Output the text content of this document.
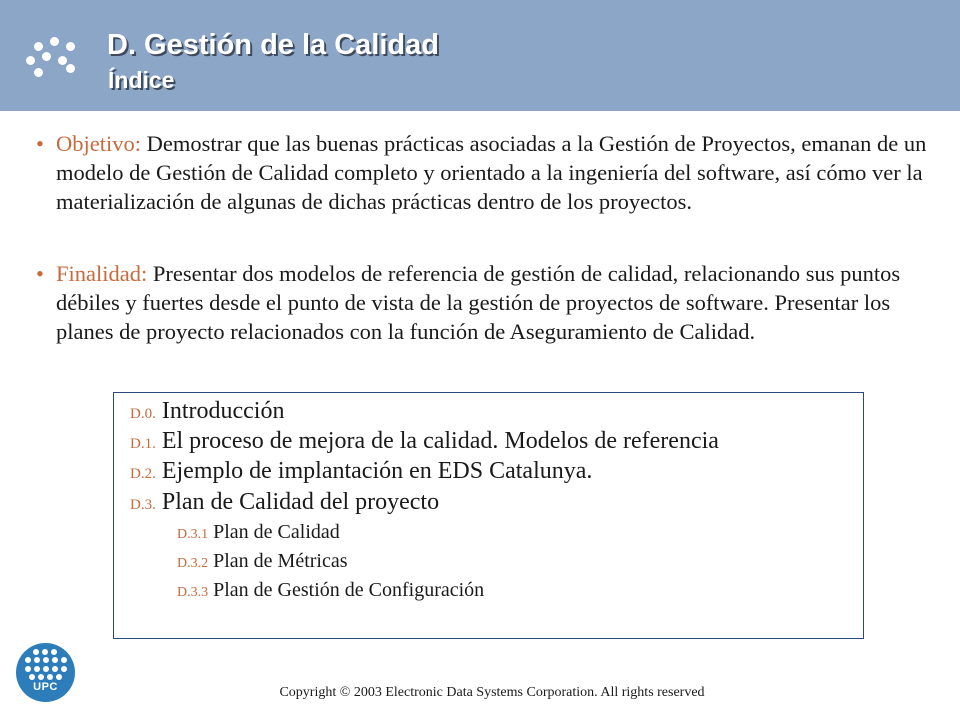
D. Gestión de la Calidad
Índice
• Objetivo: Demostrar que las buenas prácticas asociadas a la Gestión de Proyectos, emanan de un modelo de Gestión de Calidad completo y orientado a la ingeniería del software, así cómo ver la materialización de algunas de dichas prácticas dentro de los proyectos.
• Finalidad: Presentar dos modelos de referencia de gestión de calidad, relacionando sus puntos débiles y fuertes desde el punto de vista de la gestión de proyectos de software. Presentar los planes de proyecto relacionados con la función de Aseguramiento de Calidad.
D.0. Introducción
D.1. El proceso de mejora de la calidad. Modelos de referencia
D.2. Ejemplo de implantación en EDS Catalunya.
D.3. Plan de Calidad del proyecto
D.3.1 Plan de Calidad
D.3.2 Plan de Métricas
D.3.3 Plan de Gestión de Configuración
UPC	Copyright © 2003 Electronic Data Systems Corporation. All rights reserved
